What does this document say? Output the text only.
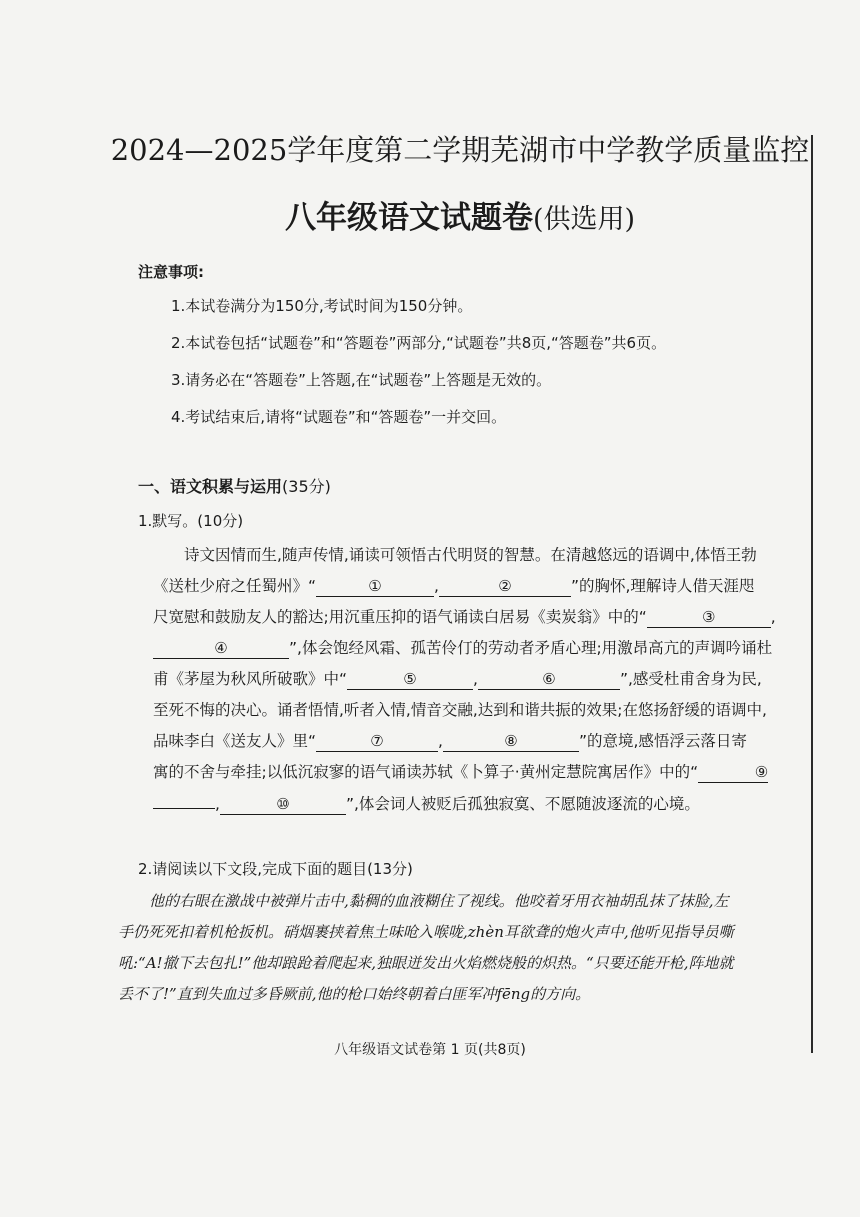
2024—2025学年度第二学期芜湖市中学教学质量监控
八年级语文试题卷(供选用)
注意事项:
1.本试卷满分为150分,考试时间为150分钟。
2.本试卷包括“试题卷”和“答题卷”两部分,“试题卷”共8页,“答题卷”共6页。
3.请务必在“答题卷”上答题,在“试题卷”上答题是无效的。
4.考试结束后,请将“试题卷”和“答题卷”一并交回。
一、语文积累与运用(35分)
1.默写。(10分)
诗文因情而生,随声传情,诵读可领悟古代明贤的智慧。在清越悠远的语调中,体悟王勃
《送杜少府之任蜀州》“	①	,	②	”的胸怀,理解诗人借天涯咫
尺宽慰和鼓励友人的豁达;用沉重压抑的语气诵读白居易《卖炭翁》中的“	③	,
④	”,体会饱经风霜、孤苦伶仃的劳动者矛盾心理;用激昂高亢的声调吟诵杜
甫《茅屋为秋风所破歌》中“	⑤	,	⑥	”,感受杜甫舍身为民,
至死不悔的决心。诵者悟情,听者入情,情音交融,达到和谐共振的效果;在悠扬舒缓的语调中,
品味李白《送友人》里“	⑦	,	⑧	”的意境,感悟浮云落日寄
寓的不舍与牵挂;以低沉寂寥的语气诵读苏轼《卜算子·黄州定慧院寓居作》中的“	⑨
,	⑩	”,体会词人被贬后孤独寂寞、不愿随波逐流的心境。
2.请阅读以下文段,完成下面的题目(13分)
他的右眼在激战中被弹片击中,黏稠的血液糊住了视线。他咬着牙用衣袖胡乱抹了抹脸,左
手仍死死扣着机枪扳机。硝烟裹挟着焦土味呛入喉咙,zhèn耳欲聋的炮火声中,他听见指导员嘶
吼:“A!撤下去包扎!”他却踉跄着爬起来,独眼迸发出火焰燃烧般的炽热。“只要还能开枪,阵地就
丢不了!”直到失血过多昏厥前,他的枪口始终朝着白匪军冲fēng的方向。
八年级语文试卷第 1 页(共8页)
